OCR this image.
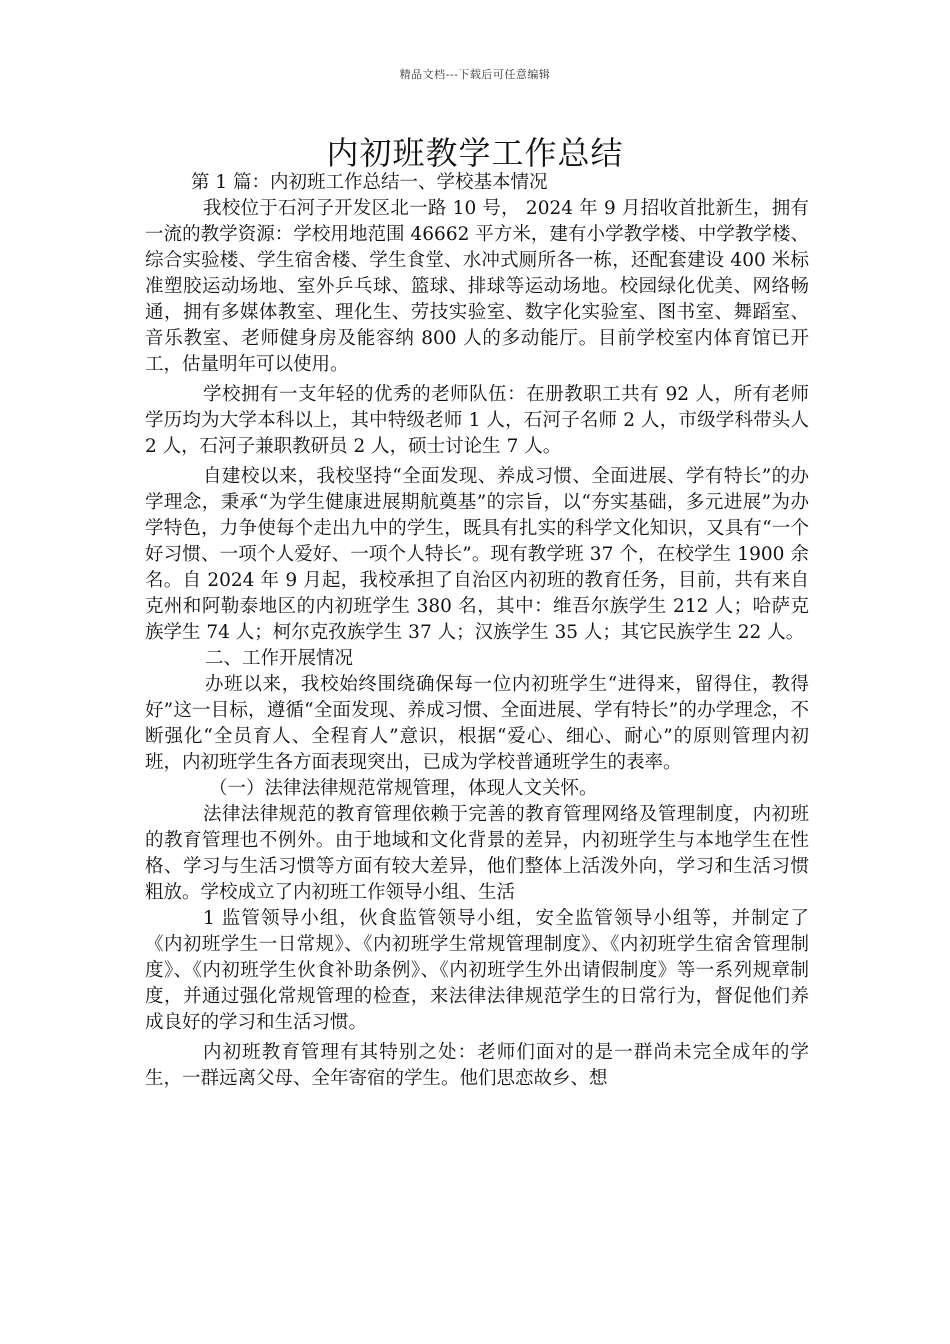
精品文档---下载后可任意编辑
内初班教学工作总结

第 1 篇：内初班工作总结一、学校基本情况

我校位于石河子开发区北一路 10 号， 2024 年 9 月招收首批新生，拥有一流的教学资源：学校用地范围 46662 平方米，建有小学教学楼、中学教学楼、综合实验楼、学生宿舍楼、学生食堂、水冲式厕所各一栋，还配套建设 400 米标准塑胶运动场地、室外乒乓球、篮球、排球等运动场地。校园绿化优美、网络畅通，拥有多媒体教室、理化生、劳技实验室、数字化实验室、图书室、舞蹈室、音乐教室、老师健身房及能容纳 800 人的多动能厅。目前学校室内体育馆已开工，估量明年可以使用。

学校拥有一支年轻的优秀的老师队伍：在册教职工共有 92 人，所有老师学历均为大学本科以上，其中特级老师 1 人，石河子名师 2 人，市级学科带头人 2 人，石河子兼职教研员 2 人，硕士讨论生 7 人。

自建校以来，我校坚持“全面发现、养成习惯、全面进展、学有特长”的办学理念，秉承“为学生健康进展期航奠基”的宗旨，以“夯实基础，多元进展”为办学特色，力争使每个走出九中的学生，既具有扎实的科学文化知识，又具有“一个好习惯、一项个人爱好、一项个人特长”。现有教学班 37 个，在校学生 1900 余名。自 2024 年 9 月起，我校承担了自治区内初班的教育任务，目前，共有来自克州和阿勒泰地区的内初班学生 380 名，其中：维吾尔族学生 212 人；哈萨克族学生 74 人；柯尔克孜族学生 37 人；汉族学生 35 人；其它民族学生 22 人。

二、工作开展情况

办班以来，我校始终围绕确保每一位内初班学生“进得来，留得住，教得好”这一目标，遵循“全面发现、养成习惯、全面进展、学有特长”的办学理念，不断强化“全员育人、全程育人”意识，根据“爱心、细心、耐心”的原则管理内初班，内初班学生各方面表现突出，已成为学校普通班学生的表率。

（一）法律法律规范常规管理，体现人文关怀。

法律法律规范的教育管理依赖于完善的教育管理网络及管理制度，内初班的教育管理也不例外。由于地域和文化背景的差异，内初班学生与本地学生在性格、学习与生活习惯等方面有较大差异，他们整体上活泼外向，学习和生活习惯粗放。学校成立了内初班工作领导小组、生活

1 监管领导小组，伙食监管领导小组，安全监管领导小组等，并制定了《内初班学生一日常规》、《内初班学生常规管理制度》、《内初班学生宿舍管理制度》、《内初班学生伙食补助条例》、《内初班学生外出请假制度》等一系列规章制度，并通过强化常规管理的检查，来法律法律规范学生的日常行为，督促他们养成良好的学习和生活习惯。

内初班教育管理有其特别之处：老师们面对的是一群尚未完全成年的学生，一群远离父母、全年寄宿的学生。他们思恋故乡、想
